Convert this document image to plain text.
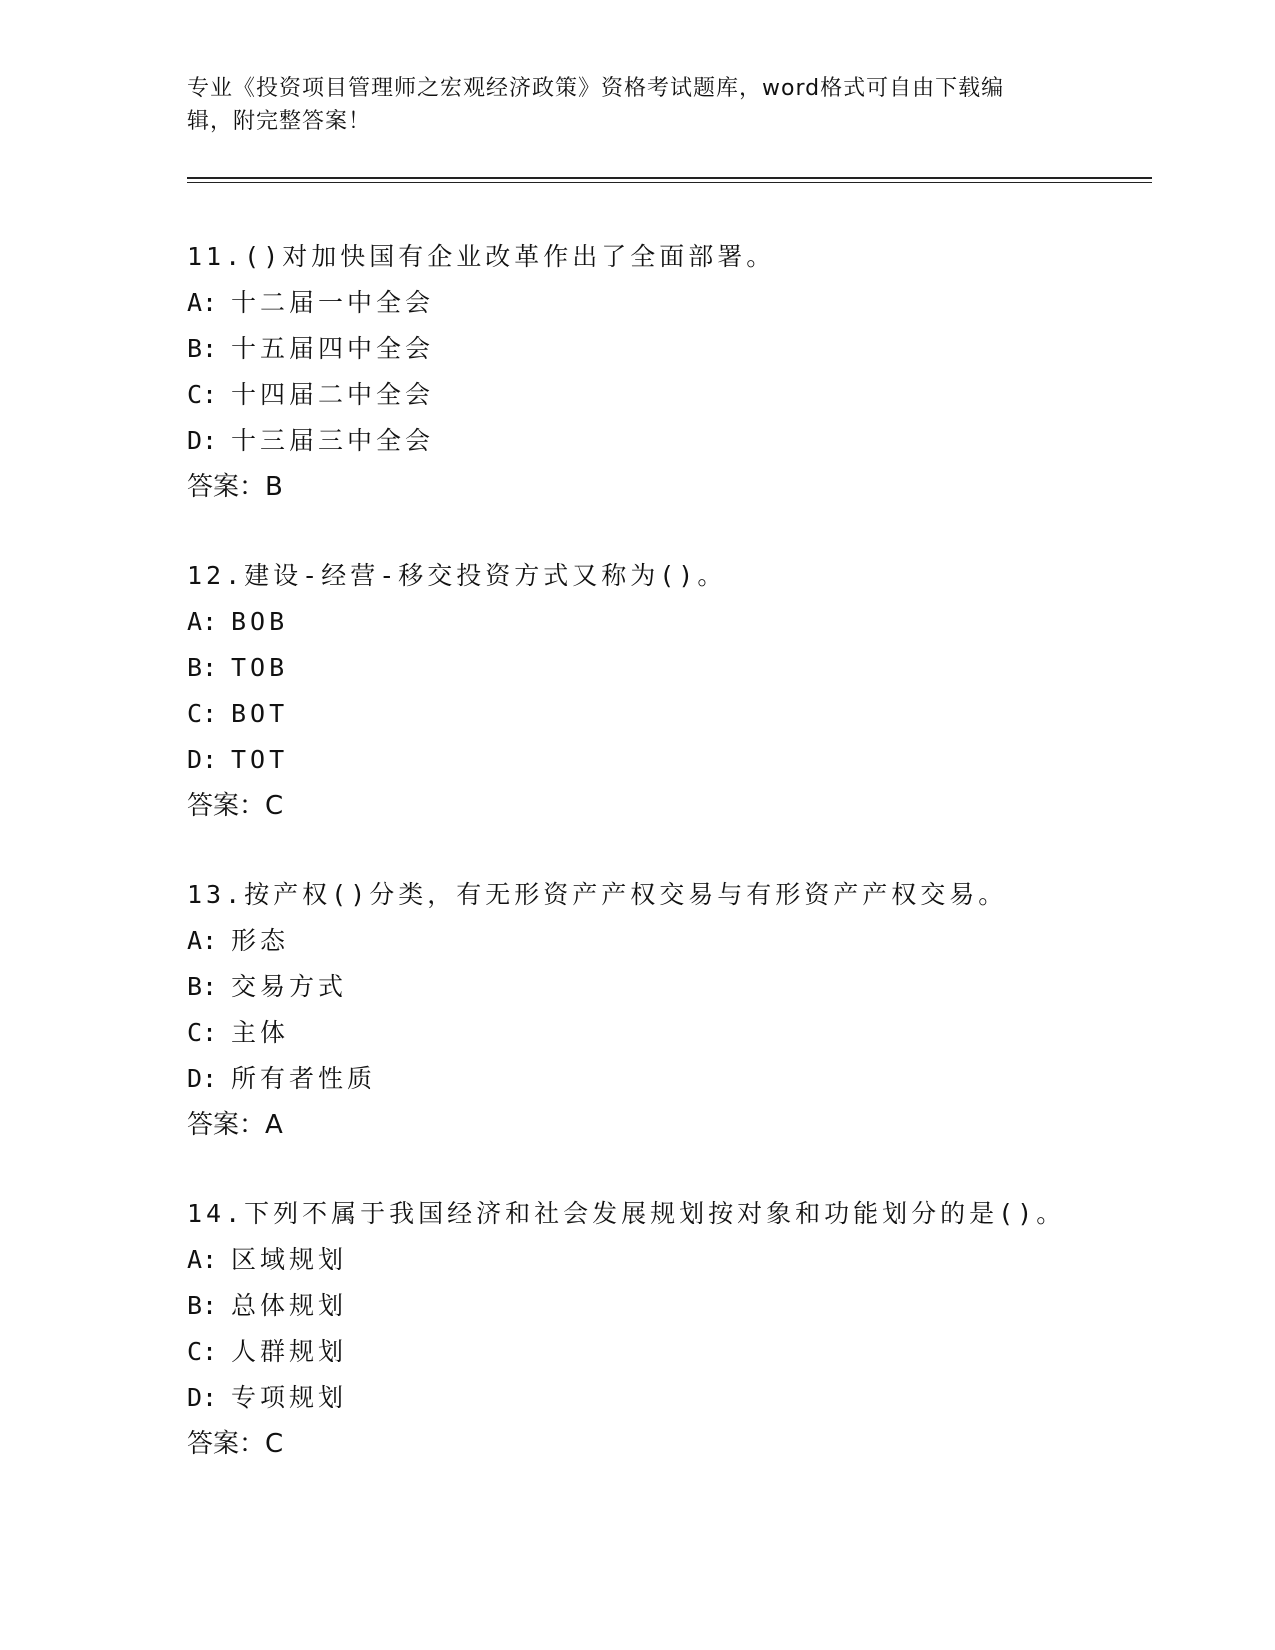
专业《投资项目管理师之宏观经济政策》资格考试题库，word格式可自由下载编
辑，附完整答案！
11.()对加快国有企业改革作出了全面部署。
A: 十二届一中全会
B: 十五届四中全会
C: 十四届二中全会
D: 十三届三中全会
答案：B
12.建设-经营-移交投资方式又称为()。
A: BOB
B: TOB
C: BOT
D: TOT
答案：C
13.按产权()分类，有无形资产产权交易与有形资产产权交易。
A: 形态
B: 交易方式
C: 主体
D: 所有者性质
答案：A
14.下列不属于我国经济和社会发展规划按对象和功能划分的是()。
A: 区域规划
B: 总体规划
C: 人群规划
D: 专项规划
答案：C
